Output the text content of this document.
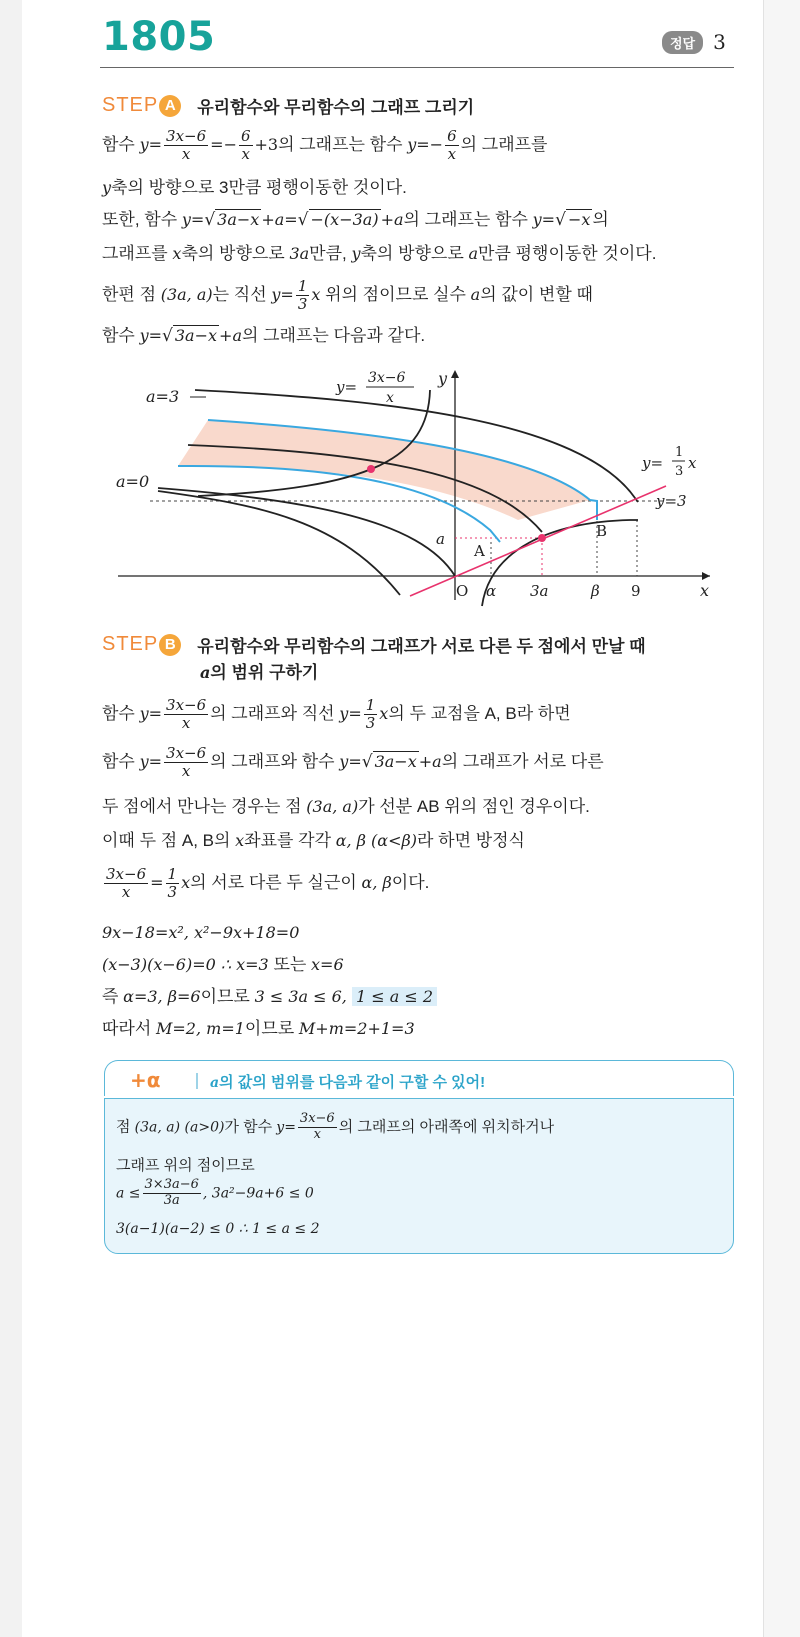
1805	정답 3
STEP A	유리함수와 무리함수의 그래프 그리기
함수 $y= \frac{3x-6}{x} =- \frac{6}{x} +3$의 그래프는 함수 $y=- \frac{6}{x}$ 의 그래프를
y축의 방향으로 3만큼 평행이동한 것이다.
또한, 함수 y=√ 3a−x +a=√ −(x−3a) +a의 그래프는 함수 y=√ −x 의
그래프를 x축의 방향으로 3a만큼, y축의 방향으로 a만큼 평행이동한 것이다.
한편 점 (3a, a)는 직선 $y= \frac{1}{3}$ x 위의 점이므로 실수 a의 값이 변할 때
함수 y=√ 3a−x +a의 그래프는 다음과 같다.
a=3
a=0
y= 3x−6
x
y
y=
1
3 x
y=3
a
A
B
O α 3a	β 9	x
STEP B	유리함수와 무리함수의 그래프가 서로 다른 두 점에서 만날 때
a의 범위 구하기
함수 $y= \frac{3x-6}{x}$ 의 그래프와 직선 $y= \frac{1}{3}$ x의 두 교점을 A, B라 하면
함수 $y= \frac{3x-6}{x}$ 의 그래프와 함수 y=√ 3a−x +a의 그래프가 서로 다른
두 점에서 만나는 경우는 점 (3a, a)가 선분 AB 위의 점인 경우이다.
이때 두 점 A, B의 x좌표를 각각 α, β (α<β)라 하면 방정식
$\frac{3x-6}{x} = \frac{1}{3}$ x의 서로 다른 두 실근이 α, β이다.
9x−18=x², x²−9x+18=0
(x−3)(x−6)=0 ∴ x=3 또는 x=6
즉 α=3, β=6이므로 3 ≤ 3a ≤ 6, 1 ≤ a ≤ 2
따라서 M=2, m=1이므로 M+m=2+1=3
+α	a의 값의 범위를 다음과 같이 구할 수 있어!
점 (3a, a) (a>0)가 함수 $y= \frac{3x-6}{x}$ 의 그래프의 아래쪽에 위치하거나
그래프 위의 점이므로
$a \le \frac{3\times 3a-6}{3a}$ , 3a²−9a+6 ≤ 0
3(a−1)(a−2) ≤ 0 ∴ 1 ≤ a ≤ 2
